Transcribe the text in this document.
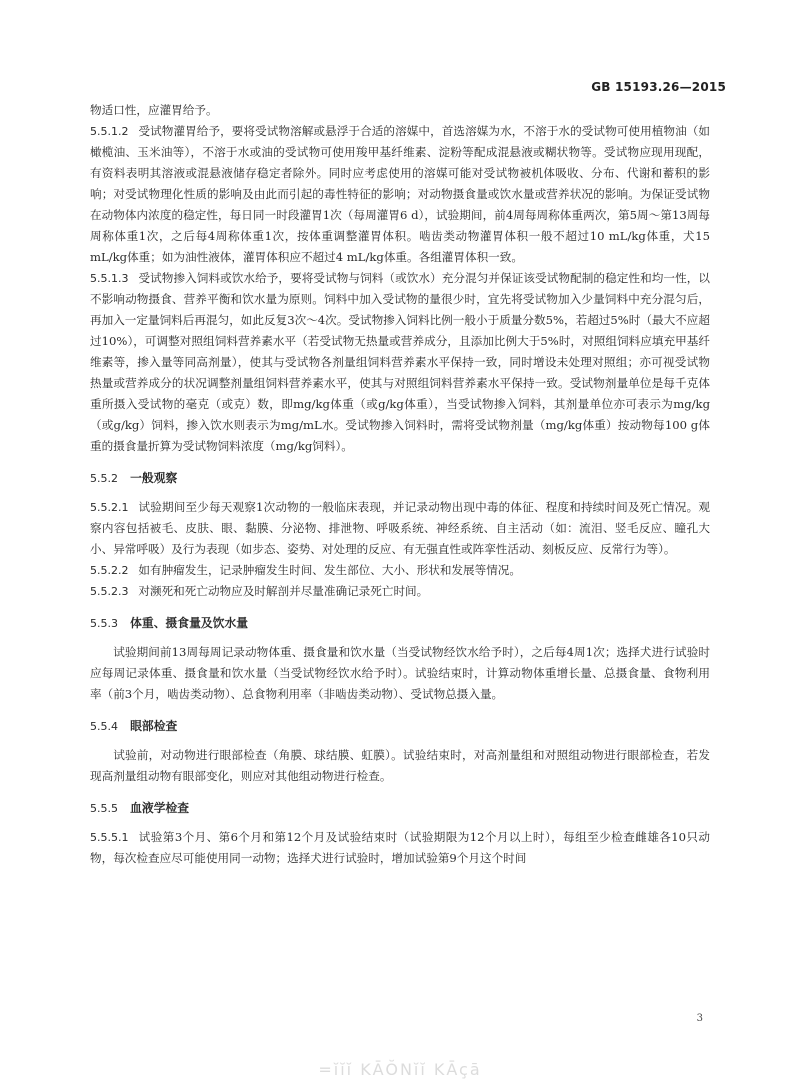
GB 15193.26—2015

物适口性，应灌胃给予。

5.5.1.2 受试物灌胃给予，要将受试物溶解或悬浮于合适的溶媒中，首选溶媒为水，不溶于水的受试物可使用植物油（如橄榄油、玉米油等），不溶于水或油的受试物可使用羧甲基纤维素、淀粉等配成混悬液或糊状物等。受试物应现用现配，有资料表明其溶液或混悬液储存稳定者除外。同时应考虑使用的溶媒可能对受试物被机体吸收、分布、代谢和蓄积的影响；对受试物理化性质的影响及由此而引起的毒性特征的影响；对动物摄食量或饮水量或营养状况的影响。为保证受试物在动物体内浓度的稳定性，每日同一时段灌胃1次（每周灌胃6 d），试验期间，前4周每周称体重两次，第5周～第13周每周称体重1次，之后每4周称体重1次，按体重调整灌胃体积。啮齿类动物灌胃体积一般不超过10 mL/kg体重，犬15 mL/kg体重；如为油性液体，灌胃体积应不超过4 mL/kg体重。各组灌胃体积一致。

5.5.1.3 受试物掺入饲料或饮水给予，要将受试物与饲料（或饮水）充分混匀并保证该受试物配制的稳定性和均一性，以不影响动物摄食、营养平衡和饮水量为原则。饲料中加入受试物的量很少时，宜先将受试物加入少量饲料中充分混匀后，再加入一定量饲料后再混匀，如此反复3次～4次。受试物掺入饲料比例一般小于质量分数5%，若超过5%时（最大不应超过10%），可调整对照组饲料营养素水平（若受试物无热量或营养成分，且添加比例大于5%时，对照组饲料应填充甲基纤维素等，掺入量等同高剂量），使其与受试物各剂量组饲料营养素水平保持一致，同时增设未处理对照组；亦可视受试物热量或营养成分的状况调整剂量组饲料营养素水平，使其与对照组饲料营养素水平保持一致。受试物剂量单位是每千克体重所摄入受试物的毫克（或克）数，即mg/kg体重（或g/kg体重），当受试物掺入饲料，其剂量单位亦可表示为mg/kg（或g/kg）饲料，掺入饮水则表示为mg/mL水。受试物掺入饲料时，需将受试物剂量（mg/kg体重）按动物每100 g体重的摄食量折算为受试物饲料浓度（mg/kg饲料）。

5.5.2 一般观察

5.5.2.1 试验期间至少每天观察1次动物的一般临床表现，并记录动物出现中毒的体征、程度和持续时间及死亡情况。观察内容包括被毛、皮肤、眼、黏膜、分泌物、排泄物、呼吸系统、神经系统、自主活动（如：流泪、竖毛反应、瞳孔大小、异常呼吸）及行为表现（如步态、姿势、对处理的反应、有无强直性或阵挛性活动、刻板反应、反常行为等）。

5.5.2.2 如有肿瘤发生，记录肿瘤发生时间、发生部位、大小、形状和发展等情况。

5.5.2.3 对濒死和死亡动物应及时解剖并尽量准确记录死亡时间。

5.5.3 体重、摄食量及饮水量

试验期间前13周每周记录动物体重、摄食量和饮水量（当受试物经饮水给予时），之后每4周1次；选择犬进行试验时应每周记录体重、摄食量和饮水量（当受试物经饮水给予时）。试验结束时，计算动物体重增长量、总摄食量、食物利用率（前3个月，啮齿类动物）、总食物利用率（非啮齿类动物）、受试物总摄入量。

5.5.4 眼部检查

试验前，对动物进行眼部检查（角膜、球结膜、虹膜）。试验结束时，对高剂量组和对照组动物进行眼部检查，若发现高剂量组动物有眼部变化，则应对其他组动物进行检查。

5.5.5 血液学检查

5.5.5.1 试验第3个月、第6个月和第12个月及试验结束时（试验期限为12个月以上时），每组至少检查雌雄各10只动物，每次检查应尽可能使用同一动物；选择犬进行试验时，增加试验第9个月这个时间

3
=ĭĭĭ KĀŎNĭĭ KĀçā
